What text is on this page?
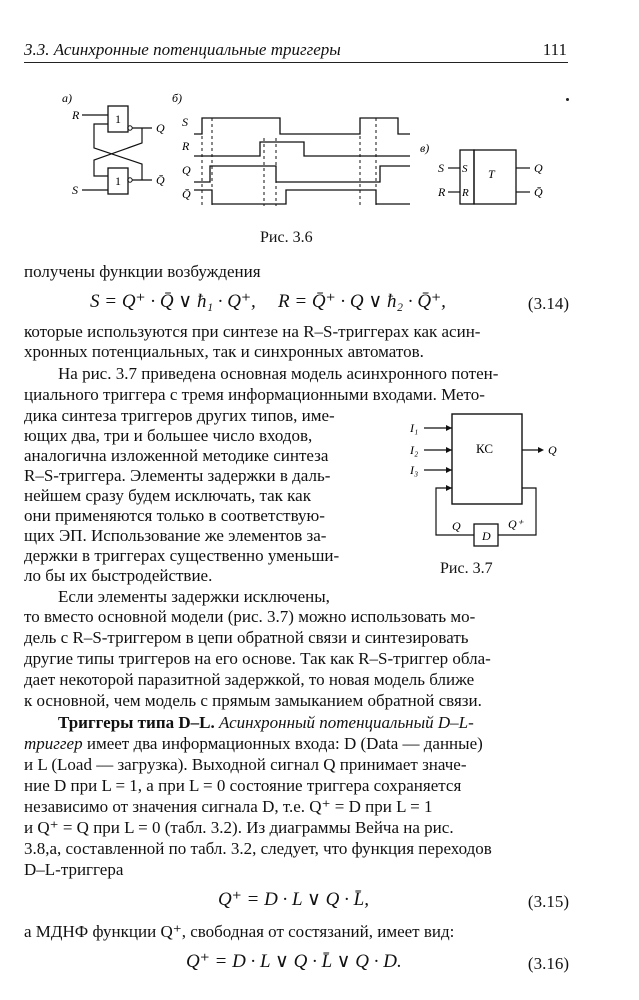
3.3. Асинхронные потенциальные триггеры	111
а)
1
1
R
S
Q
Q̄
б)
S
R
Q
Q̄
в)
S
R
T
S
R
Q
Q̄
Рис. 3.6
получены функции возбуждения
S = Q⁺ · Q̄ ∨ ħ₁ · Q⁺, R = Q̄⁺ · Q ∨ ħ₂ · Q̄⁺,	(3.14)
которые используются при синтезе на R–S-триггерах как асин-
хронных потенциальных, так и синхронных автоматов.
На рис. 3.7 приведена основная модель асинхронного потен-
циального триггера с тремя информационными входами. Мето-
дика синтеза триггеров других типов, име-
ющих два, три и большее число входов,
аналогична изложенной методике синтеза
R–S-триггера. Элементы задержки в даль-
нейшем сразу будем исключать, так как
они применяются только в соответствую-
щих ЭП. Использование же элементов за-
держки в триггерах существенно уменьши-
ло бы их быстродействие.
Если элементы задержки исключены,
то вместо основной модели (рис. 3.7) можно использовать мо-
дель с R–S-триггером в цепи обратной связи и синтезировать
другие типы триггеров на его основе. Так как R–S-триггер обла-
дает некоторой паразитной задержкой, то новая модель ближе
к основной, чем модель с прямым замыканием обратной связи.
Триггеры типа D–L. Асинхронный потенциальный D–L-
триггер имеет два информационных входа: D (Data — данные)
и L (Load — загрузка). Выходной сигнал Q принимает значе-
ние D при L = 1, а при L = 0 состояние триггера сохраняется
независимо от значения сигнала D, т.е. Q⁺ = D при L = 1
и Q⁺ = Q при L = 0 (табл. 3.2). Из диаграммы Вейча на рис.
3.8,а, составленной по табл. 3.2, следует, что функция переходов
D–L-триггера
Q⁺ = D · L ∨ Q · L̄,	(3.15)
а МДНФ функции Q⁺, свободная от состязаний, имеет вид:
Q⁺ = D · L ∨ Q · L̄ ∨ Q · D.	(3.16)
КС
I₁
I₂
I₃
Q
D
Q	Q⁺
Рис. 3.7
